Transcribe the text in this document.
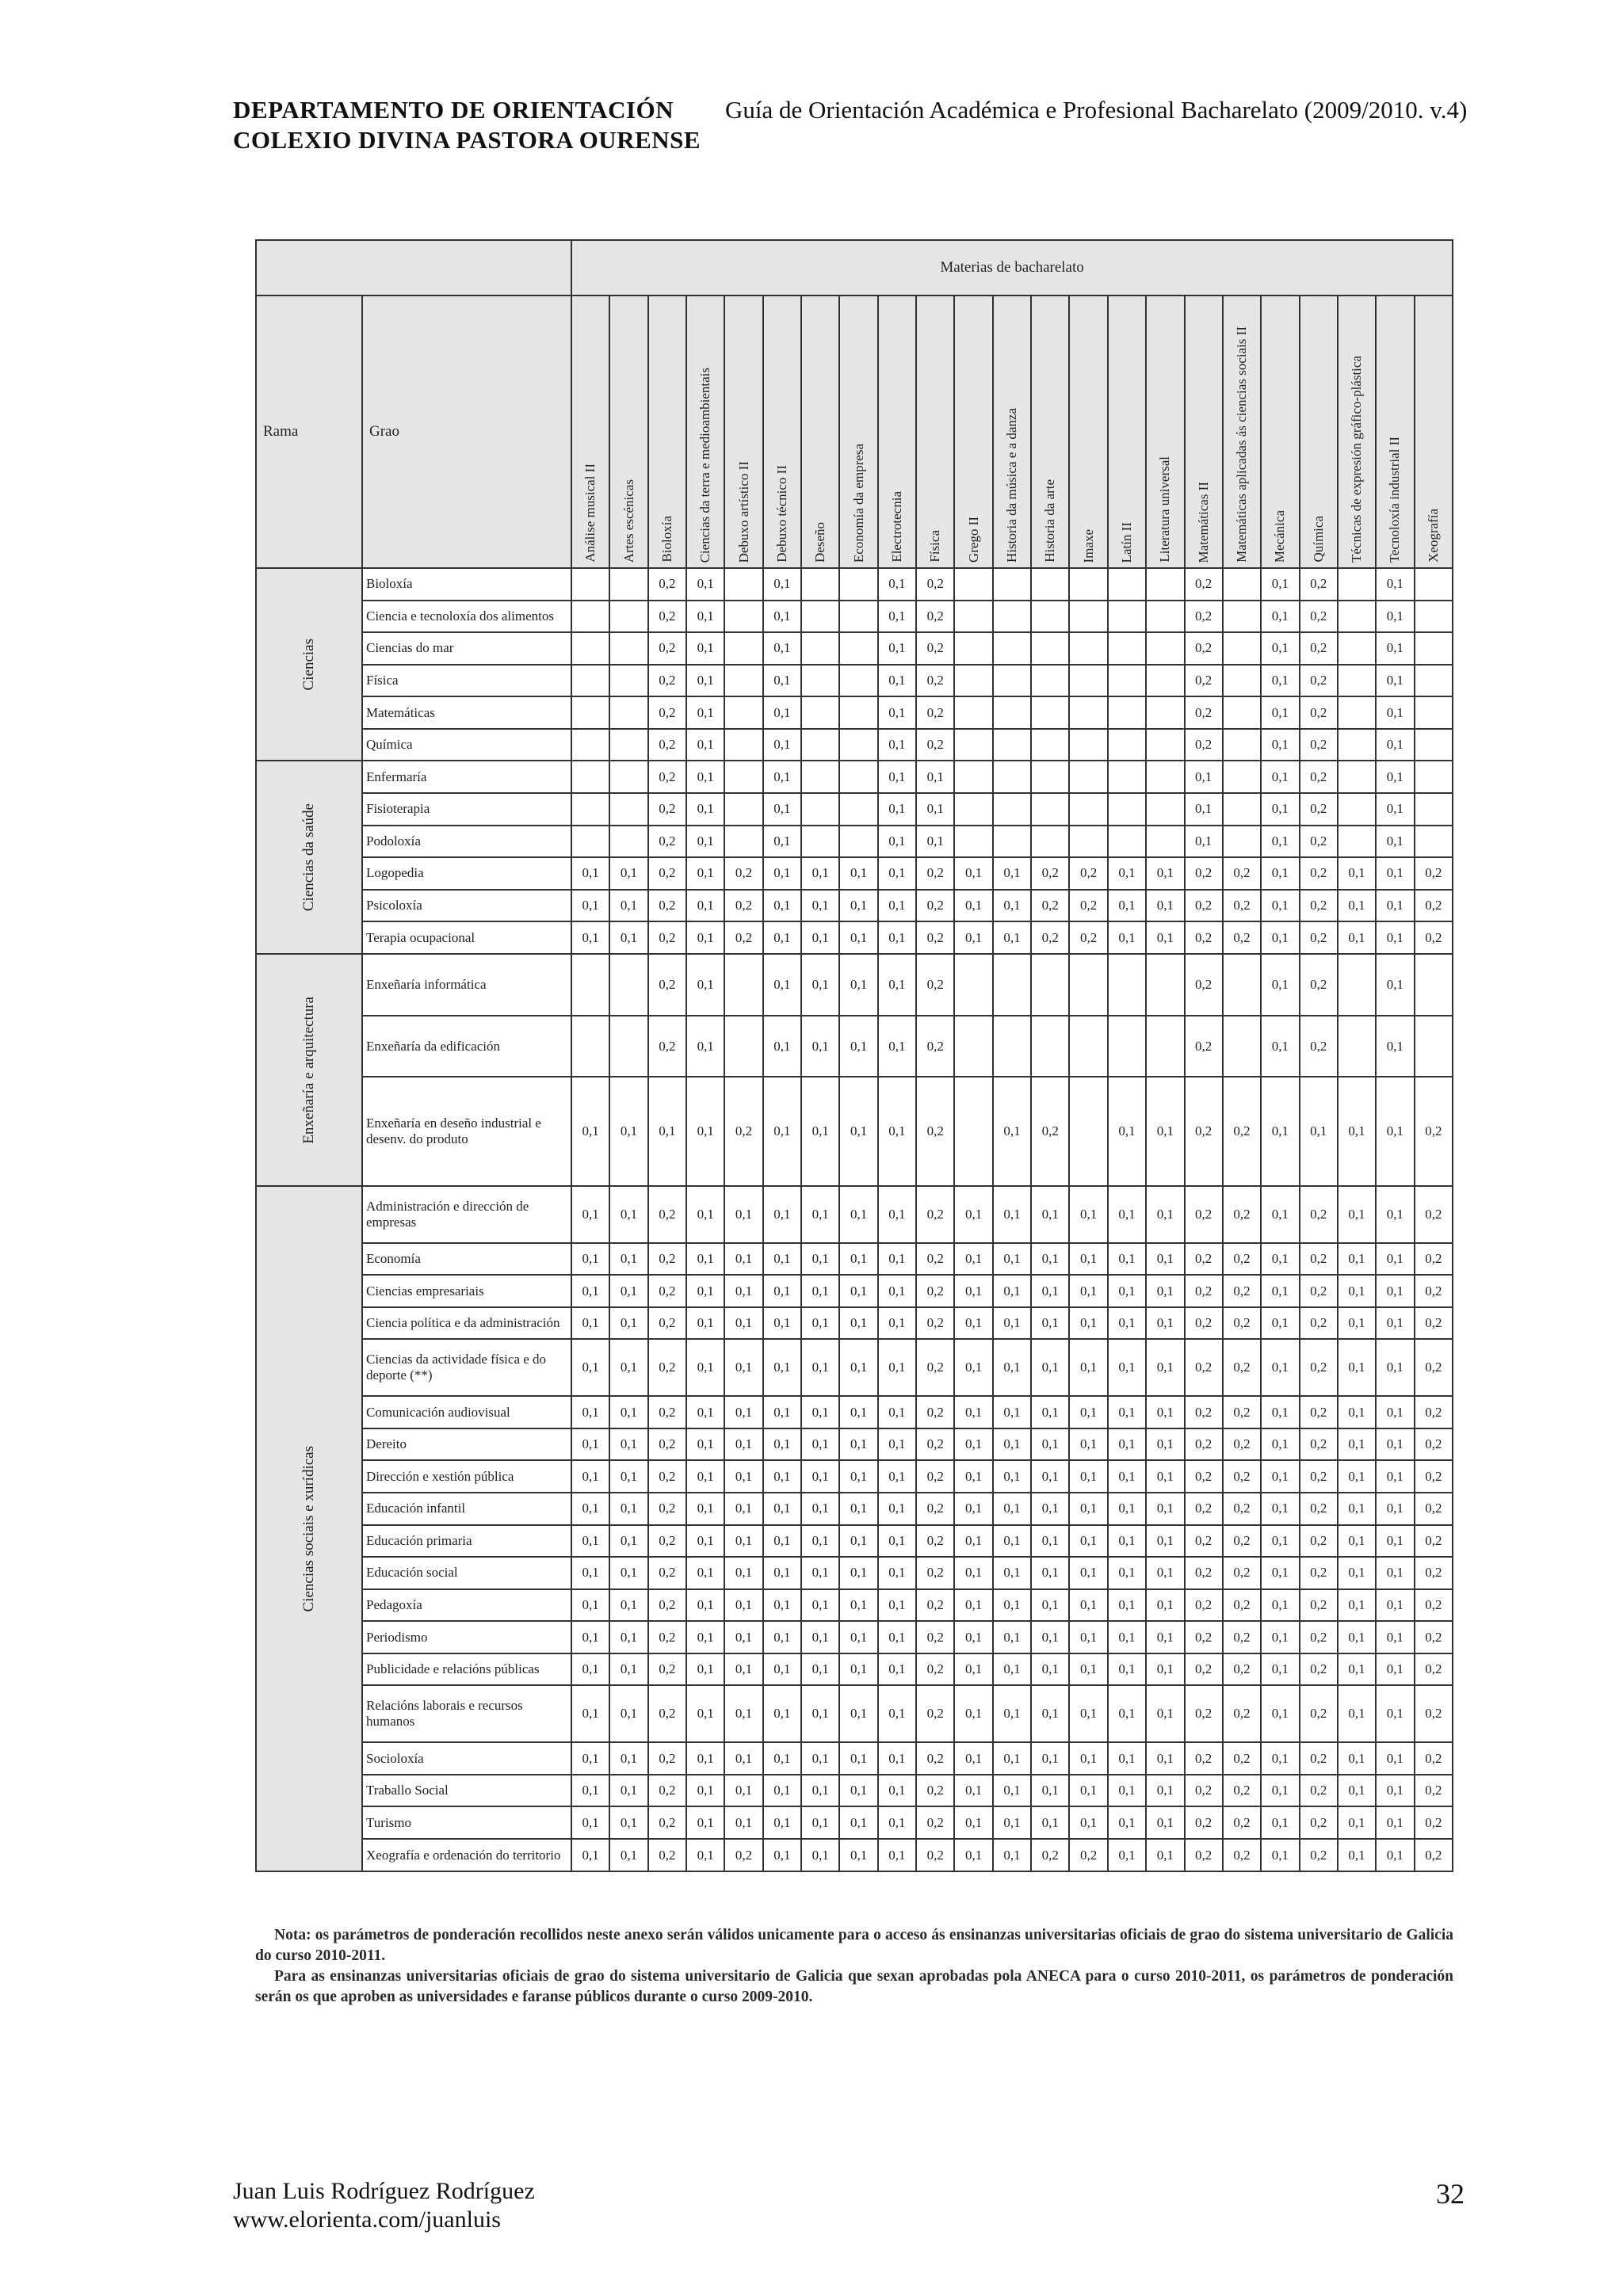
DEPARTAMENTO DE ORIENTACIÓN
COLEXIO DIVINA PASTORA OURENSE
Guía de Orientación Académica e Profesional Bacharelato (2009/2010. v.4)
		Materias de bacharelato																						
Rama	Grao	Análise musical II	Artes escénicas	Bioloxía	Ciencias da terra e medioambientais	Debuxo artístico II	Debuxo técnico II	Deseño	Economía da empresa	Electrotecnia	Física	Grego II	Historia da música e a danza	Historia da arte	Imaxe	Latín II	Literatura universal	Matemáticas II	Matemáticas aplicadas ás ciencias sociais II	Mecánica	Química	Técnicas de expresión gráfico-plástica	Tecnoloxía industrial II	Xeografía

Ciencias	Bioloxía			0,2	0,1		0,1			0,1	0,2							0,2		0,1	0,2		0,1	
	Ciencia e tecnoloxía dos alimentos			0,2	0,1		0,1			0,1	0,2							0,2		0,1	0,2		0,1	
	Ciencias do mar			0,2	0,1		0,1			0,1	0,2							0,2		0,1	0,2		0,1	
	Física			0,2	0,1		0,1			0,1	0,2							0,2		0,1	0,2		0,1	
	Matemáticas			0,2	0,1		0,1			0,1	0,2							0,2		0,1	0,2		0,1	
	Química			0,2	0,1		0,1			0,1	0,2							0,2		0,1	0,2		0,1	

Ciencias da saúde	Enfermaría			0,2	0,1		0,1			0,1	0,1							0,1		0,1	0,2		0,1	
	Fisioterapia			0,2	0,1		0,1			0,1	0,1							0,1		0,1	0,2		0,1	
	Podoloxía			0,2	0,1		0,1			0,1	0,1							0,1		0,1	0,2		0,1	
	Logopedia	0,1	0,1	0,2	0,1	0,2	0,1	0,1	0,1	0,1	0,2	0,1	0,1	0,2	0,2	0,1	0,1	0,2	0,2	0,1	0,2	0,1	0,1	0,2
	Psicoloxía	0,1	0,1	0,2	0,1	0,2	0,1	0,1	0,1	0,1	0,2	0,1	0,1	0,2	0,2	0,1	0,1	0,2	0,2	0,1	0,2	0,1	0,1	0,2
	Terapia ocupacional	0,1	0,1	0,2	0,1	0,2	0,1	0,1	0,1	0,1	0,2	0,1	0,1	0,2	0,2	0,1	0,1	0,2	0,2	0,1	0,2	0,1	0,1	0,2

Enxeñaría e arquitectura	Enxeñaría informática			0,2	0,1		0,1	0,1	0,1	0,1	0,2							0,2		0,1	0,2		0,1	
	Enxeñaría da edificación			0,2	0,1		0,1	0,1	0,1	0,1	0,2							0,2		0,1	0,2		0,1	
	Enxeñaría en deseño industrial e desenv. do produto	0,1	0,1	0,1	0,1	0,2	0,1	0,1	0,1	0,1	0,2		0,1	0,2		0,1	0,1	0,2	0,2	0,1	0,1	0,1	0,1	0,2

Ciencias sociais e xurídicas	Administración e dirección de empresas	0,1	0,1	0,2	0,1	0,1	0,1	0,1	0,1	0,1	0,2	0,1	0,1	0,1	0,1	0,1	0,1	0,2	0,2	0,1	0,2	0,1	0,1	0,2
	Economía	0,1	0,1	0,2	0,1	0,1	0,1	0,1	0,1	0,1	0,2	0,1	0,1	0,1	0,1	0,1	0,1	0,2	0,2	0,1	0,2	0,1	0,1	0,2
	Ciencias empresariais	0,1	0,1	0,2	0,1	0,1	0,1	0,1	0,1	0,1	0,2	0,1	0,1	0,1	0,1	0,1	0,1	0,2	0,2	0,1	0,2	0,1	0,1	0,2
	Ciencia política e da administración	0,1	0,1	0,2	0,1	0,1	0,1	0,1	0,1	0,1	0,2	0,1	0,1	0,1	0,1	0,1	0,1	0,2	0,2	0,1	0,2	0,1	0,1	0,2
	Ciencias da actividade física e do deporte (**)	0,1	0,1	0,2	0,1	0,1	0,1	0,1	0,1	0,1	0,2	0,1	0,1	0,1	0,1	0,1	0,1	0,2	0,2	0,1	0,2	0,1	0,1	0,2
	Comunicación audiovisual	0,1	0,1	0,2	0,1	0,1	0,1	0,1	0,1	0,1	0,2	0,1	0,1	0,1	0,1	0,1	0,1	0,2	0,2	0,1	0,2	0,1	0,1	0,2
	Dereito	0,1	0,1	0,2	0,1	0,1	0,1	0,1	0,1	0,1	0,2	0,1	0,1	0,1	0,1	0,1	0,1	0,2	0,2	0,1	0,2	0,1	0,1	0,2
	Dirección e xestión pública	0,1	0,1	0,2	0,1	0,1	0,1	0,1	0,1	0,1	0,2	0,1	0,1	0,1	0,1	0,1	0,1	0,2	0,2	0,1	0,2	0,1	0,1	0,2
	Educación infantil	0,1	0,1	0,2	0,1	0,1	0,1	0,1	0,1	0,1	0,2	0,1	0,1	0,1	0,1	0,1	0,1	0,2	0,2	0,1	0,2	0,1	0,1	0,2
	Educación primaria	0,1	0,1	0,2	0,1	0,1	0,1	0,1	0,1	0,1	0,2	0,1	0,1	0,1	0,1	0,1	0,1	0,2	0,2	0,1	0,2	0,1	0,1	0,2
	Educación social	0,1	0,1	0,2	0,1	0,1	0,1	0,1	0,1	0,1	0,2	0,1	0,1	0,1	0,1	0,1	0,1	0,2	0,2	0,1	0,2	0,1	0,1	0,2
	Pedagoxía	0,1	0,1	0,2	0,1	0,1	0,1	0,1	0,1	0,1	0,2	0,1	0,1	0,1	0,1	0,1	0,1	0,2	0,2	0,1	0,2	0,1	0,1	0,2
	Periodismo	0,1	0,1	0,2	0,1	0,1	0,1	0,1	0,1	0,1	0,2	0,1	0,1	0,1	0,1	0,1	0,1	0,2	0,2	0,1	0,2	0,1	0,1	0,2
	Publicidade e relacións públicas	0,1	0,1	0,2	0,1	0,1	0,1	0,1	0,1	0,1	0,2	0,1	0,1	0,1	0,1	0,1	0,1	0,2	0,2	0,1	0,2	0,1	0,1	0,2
	Relacións laborais e recursos humanos	0,1	0,1	0,2	0,1	0,1	0,1	0,1	0,1	0,1	0,2	0,1	0,1	0,1	0,1	0,1	0,1	0,2	0,2	0,1	0,2	0,1	0,1	0,2
	Socioloxía	0,1	0,1	0,2	0,1	0,1	0,1	0,1	0,1	0,1	0,2	0,1	0,1	0,1	0,1	0,1	0,1	0,2	0,2	0,1	0,2	0,1	0,1	0,2
	Traballo Social	0,1	0,1	0,2	0,1	0,1	0,1	0,1	0,1	0,1	0,2	0,1	0,1	0,1	0,1	0,1	0,1	0,2	0,2	0,1	0,2	0,1	0,1	0,2
	Turismo	0,1	0,1	0,2	0,1	0,1	0,1	0,1	0,1	0,1	0,2	0,1	0,1	0,1	0,1	0,1	0,1	0,2	0,2	0,1	0,2	0,1	0,1	0,2
	Xeografía e ordenación do territorio	0,1	0,1	0,2	0,1	0,2	0,1	0,1	0,1	0,1	0,2	0,1	0,1	0,2	0,2	0,1	0,1	0,2	0,2	0,1	0,2	0,1	0,1	0,2

Nota: os parámetros de ponderación recollidos neste anexo serán válidos unicamente para o acceso ás ensinanzas universitarias oficiais de grao do sistema universitario de Galicia do curso 2010-2011.

Para as ensinanzas universitarias oficiais de grao do sistema universitario de Galicia que sexan aprobadas pola ANECA para o curso 2010-2011, os parámetros de ponderación serán os que aproben as universidades e faranse públicos durante o curso 2009-2010.

Juan Luis Rodríguez Rodríguez
www.elorienta.com/juanluis
32
